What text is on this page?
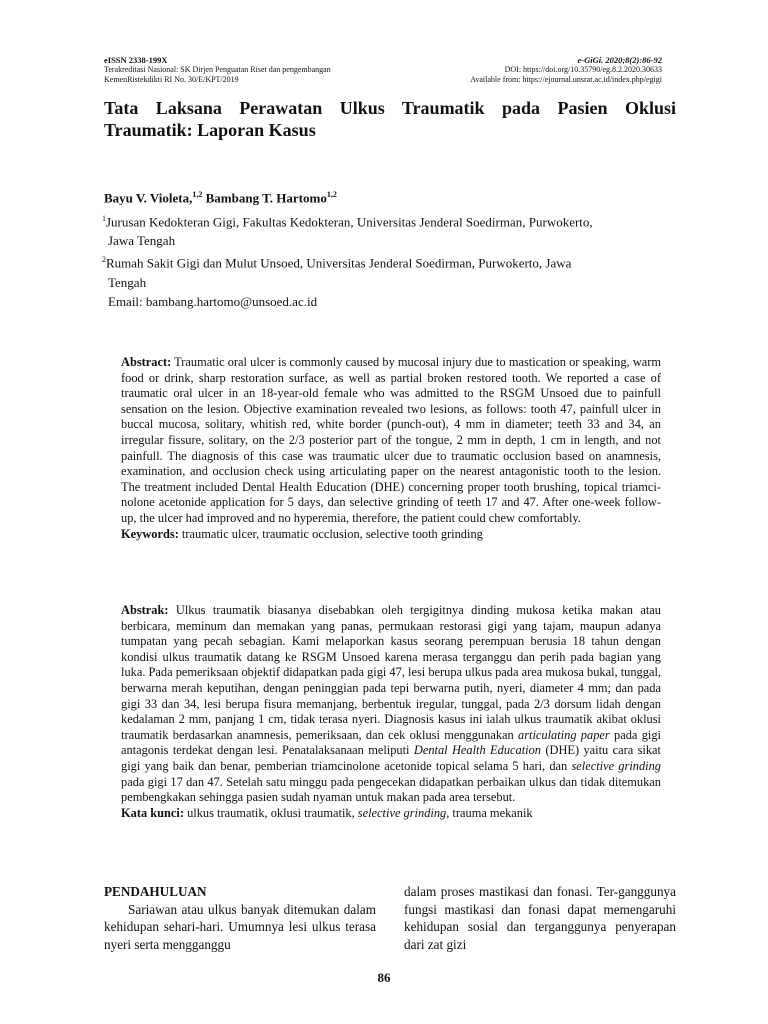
eISSN 2338-199X
Terakreditasi Nasional: SK Dirjen Penguatan Riset dan pengembangan
KemenRistekdikti RI No. 30/E/KPT/2019
e-GiGi. 2020;8(2):86-92
DOI: https://doi.org/10.35790/eg.8.2.2020.30633
Available from: https://ejournal.unsrat.ac.id/index.php/egigi
Tata Laksana Perawatan Ulkus Traumatik pada Pasien Oklusi Traumatik: Laporan Kasus
Bayu V. Violeta,$^{1,2}$ Bambang T. Hartomo$^{1,2}$

$^1$Jurusan Kedokteran Gigi, Fakultas Kedokteran, Universitas Jenderal Soedirman, Purwokerto,

Jawa Tengah

$^2$Rumah Sakit Gigi dan Mulut Unsoed, Universitas Jenderal Soedirman, Purwokerto, Jawa

Tengah

Email: bambang.hartomo@unsoed.ac.id

Abstract: Traumatic oral ulcer is commonly caused by mucosal injury due to mastication or speaking, warm food or drink, sharp restoration surface, as well as partial broken restored tooth. We reported a case of traumatic oral ulcer in an 18-year-old female who was admitted to the RSGM Unsoed due to painfull sensation on the lesion. Objective examination revealed two lesions, as follows: tooth 47, painfull ulcer in buccal mucosa, solitary, whitish red, white border (punch-out), 4 mm in diameter; teeth 33 and 34, an irregular fissure, solitary, on the 2/3 posterior part of the tongue, 2 mm in depth, 1 cm in length, and not painfull. The diagnosis of this case was traumatic ulcer due to traumatic occlusion based on anamnesis, examination, and occlusion check using articulating paper on the nearest antagonistic tooth to the lesion. The treatment included Dental Health Education (DHE) concerning proper tooth brushing, topical triamci-nolone acetonide application for 5 days, dan selective grinding of teeth 17 and 47. After one-week follow-up, the ulcer had improved and no hyperemia, therefore, the patient could chew comfortably.

Keywords: traumatic ulcer, traumatic occlusion, selective tooth grinding

Abstrak: Ulkus traumatik biasanya disebabkan oleh tergigitnya dinding mukosa ketika makan atau berbicara, meminum dan memakan yang panas, permukaan restorasi gigi yang tajam, maupun adanya tumpatan yang pecah sebagian. Kami melaporkan kasus seorang perempuan berusia 18 tahun dengan kondisi ulkus traumatik datang ke RSGM Unsoed karena merasa terganggu dan perih pada bagian yang luka. Pada pemeriksaan objektif didapatkan pada gigi 47, lesi berupa ulkus pada area mukosa bukal, tunggal, berwarna merah keputihan, dengan peninggian pada tepi berwarna putih, nyeri, diameter 4 mm; dan pada gigi 33 dan 34, lesi berupa fisura memanjang, berbentuk iregular, tunggal, pada 2/3 dorsum lidah dengan kedalaman 2 mm, panjang 1 cm, tidak terasa nyeri. Diagnosis kasus ini ialah ulkus traumatik akibat oklusi traumatik berdasarkan anamnesis, pemeriksaan, dan cek oklusi menggunakan articulating paper pada gigi antagonis terdekat dengan lesi. Penatalaksanaan meliputi Dental Health Education (DHE) yaitu cara sikat gigi yang baik dan benar, pemberian triamcinolone acetonide topical selama 5 hari, dan selective grinding pada gigi 17 dan 47. Setelah satu minggu pada pengecekan didapatkan perbaikan ulkus dan tidak ditemukan pembengkakan sehingga pasien sudah nyaman untuk makan pada area tersebut.

Kata kunci: ulkus traumatik, oklusi traumatik, selective grinding, trauma mekanik

PENDAHULUAN

Sariawan atau ulkus banyak ditemukan dalam kehidupan sehari-hari. Umumnya lesi ulkus terasa nyeri serta mengganggu

dalam proses mastikasi dan fonasi. Ter-ganggunya fungsi mastikasi dan fonasi dapat memengaruhi kehidupan sosial dan terganggunya penyerapan dari zat gizi

86
